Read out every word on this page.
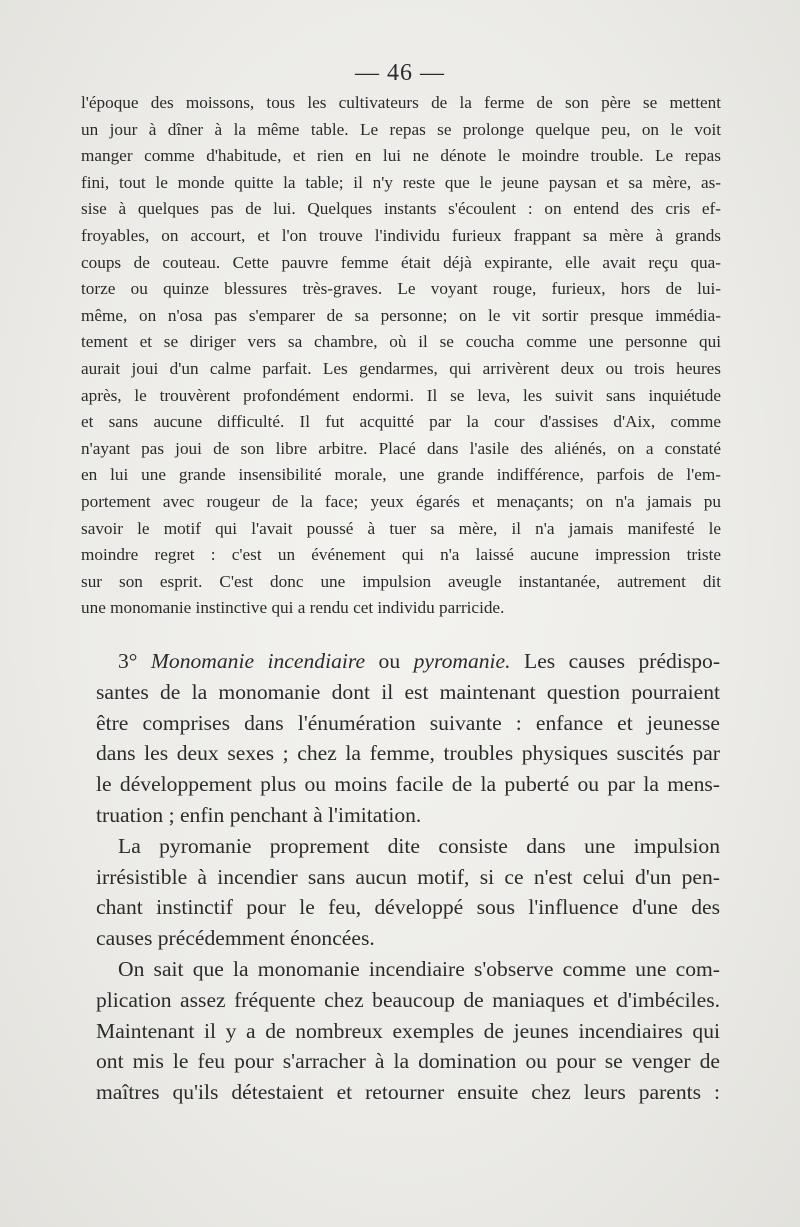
— 46 —
l'époque des moissons, tous les cultivateurs de la ferme de son père se mettent
un jour à dîner à la même table. Le repas se prolonge quelque peu, on le voit
manger comme d'habitude, et rien en lui ne dénote le moindre trouble. Le repas
fini, tout le monde quitte la table; il n'y reste que le jeune paysan et sa mère, as-
sise à quelques pas de lui. Quelques instants s'écoulent : on entend des cris ef-
froyables, on accourt, et l'on trouve l'individu furieux frappant sa mère à grands
coups de couteau. Cette pauvre femme était déjà expirante, elle avait reçu qua-
torze ou quinze blessures très-graves. Le voyant rouge, furieux, hors de lui-
même, on n'osa pas s'emparer de sa personne; on le vit sortir presque immédia-
tement et se diriger vers sa chambre, où il se coucha comme une personne qui
aurait joui d'un calme parfait. Les gendarmes, qui arrivèrent deux ou trois heures
après, le trouvèrent profondément endormi. Il se leva, les suivit sans inquiétude
et sans aucune difficulté. Il fut acquitté par la cour d'assises d'Aix, comme
n'ayant pas joui de son libre arbitre. Placé dans l'asile des aliénés, on a constaté
en lui une grande insensibilité morale, une grande indifférence, parfois de l'em-
portement avec rougeur de la face; yeux égarés et menaçants; on n'a jamais pu
savoir le motif qui l'avait poussé à tuer sa mère, il n'a jamais manifesté le
moindre regret : c'est un événement qui n'a laissé aucune impression triste
sur son esprit. C'est donc une impulsion aveugle instantanée, autrement dit
une monomanie instinctive qui a rendu cet individu parricide.
3° Monomanie incendiaire ou pyromanie. Les causes prédispo-
santes de la monomanie dont il est maintenant question pourraient
être comprises dans l'énumération suivante : enfance et jeunesse
dans les deux sexes ; chez la femme, troubles physiques suscités par
le développement plus ou moins facile de la puberté ou par la mens-
truation ; enfin penchant à l'imitation.
La pyromanie proprement dite consiste dans une impulsion
irrésistible à incendier sans aucun motif, si ce n'est celui d'un pen-
chant instinctif pour le feu, développé sous l'influence d'une des
causes précédemment énoncées.
On sait que la monomanie incendiaire s'observe comme une com-
plication assez fréquente chez beaucoup de maniaques et d'imbéciles.
Maintenant il y a de nombreux exemples de jeunes incendiaires qui
ont mis le feu pour s'arracher à la domination ou pour se venger de
maîtres qu'ils détestaient et retourner ensuite chez leurs parents :
